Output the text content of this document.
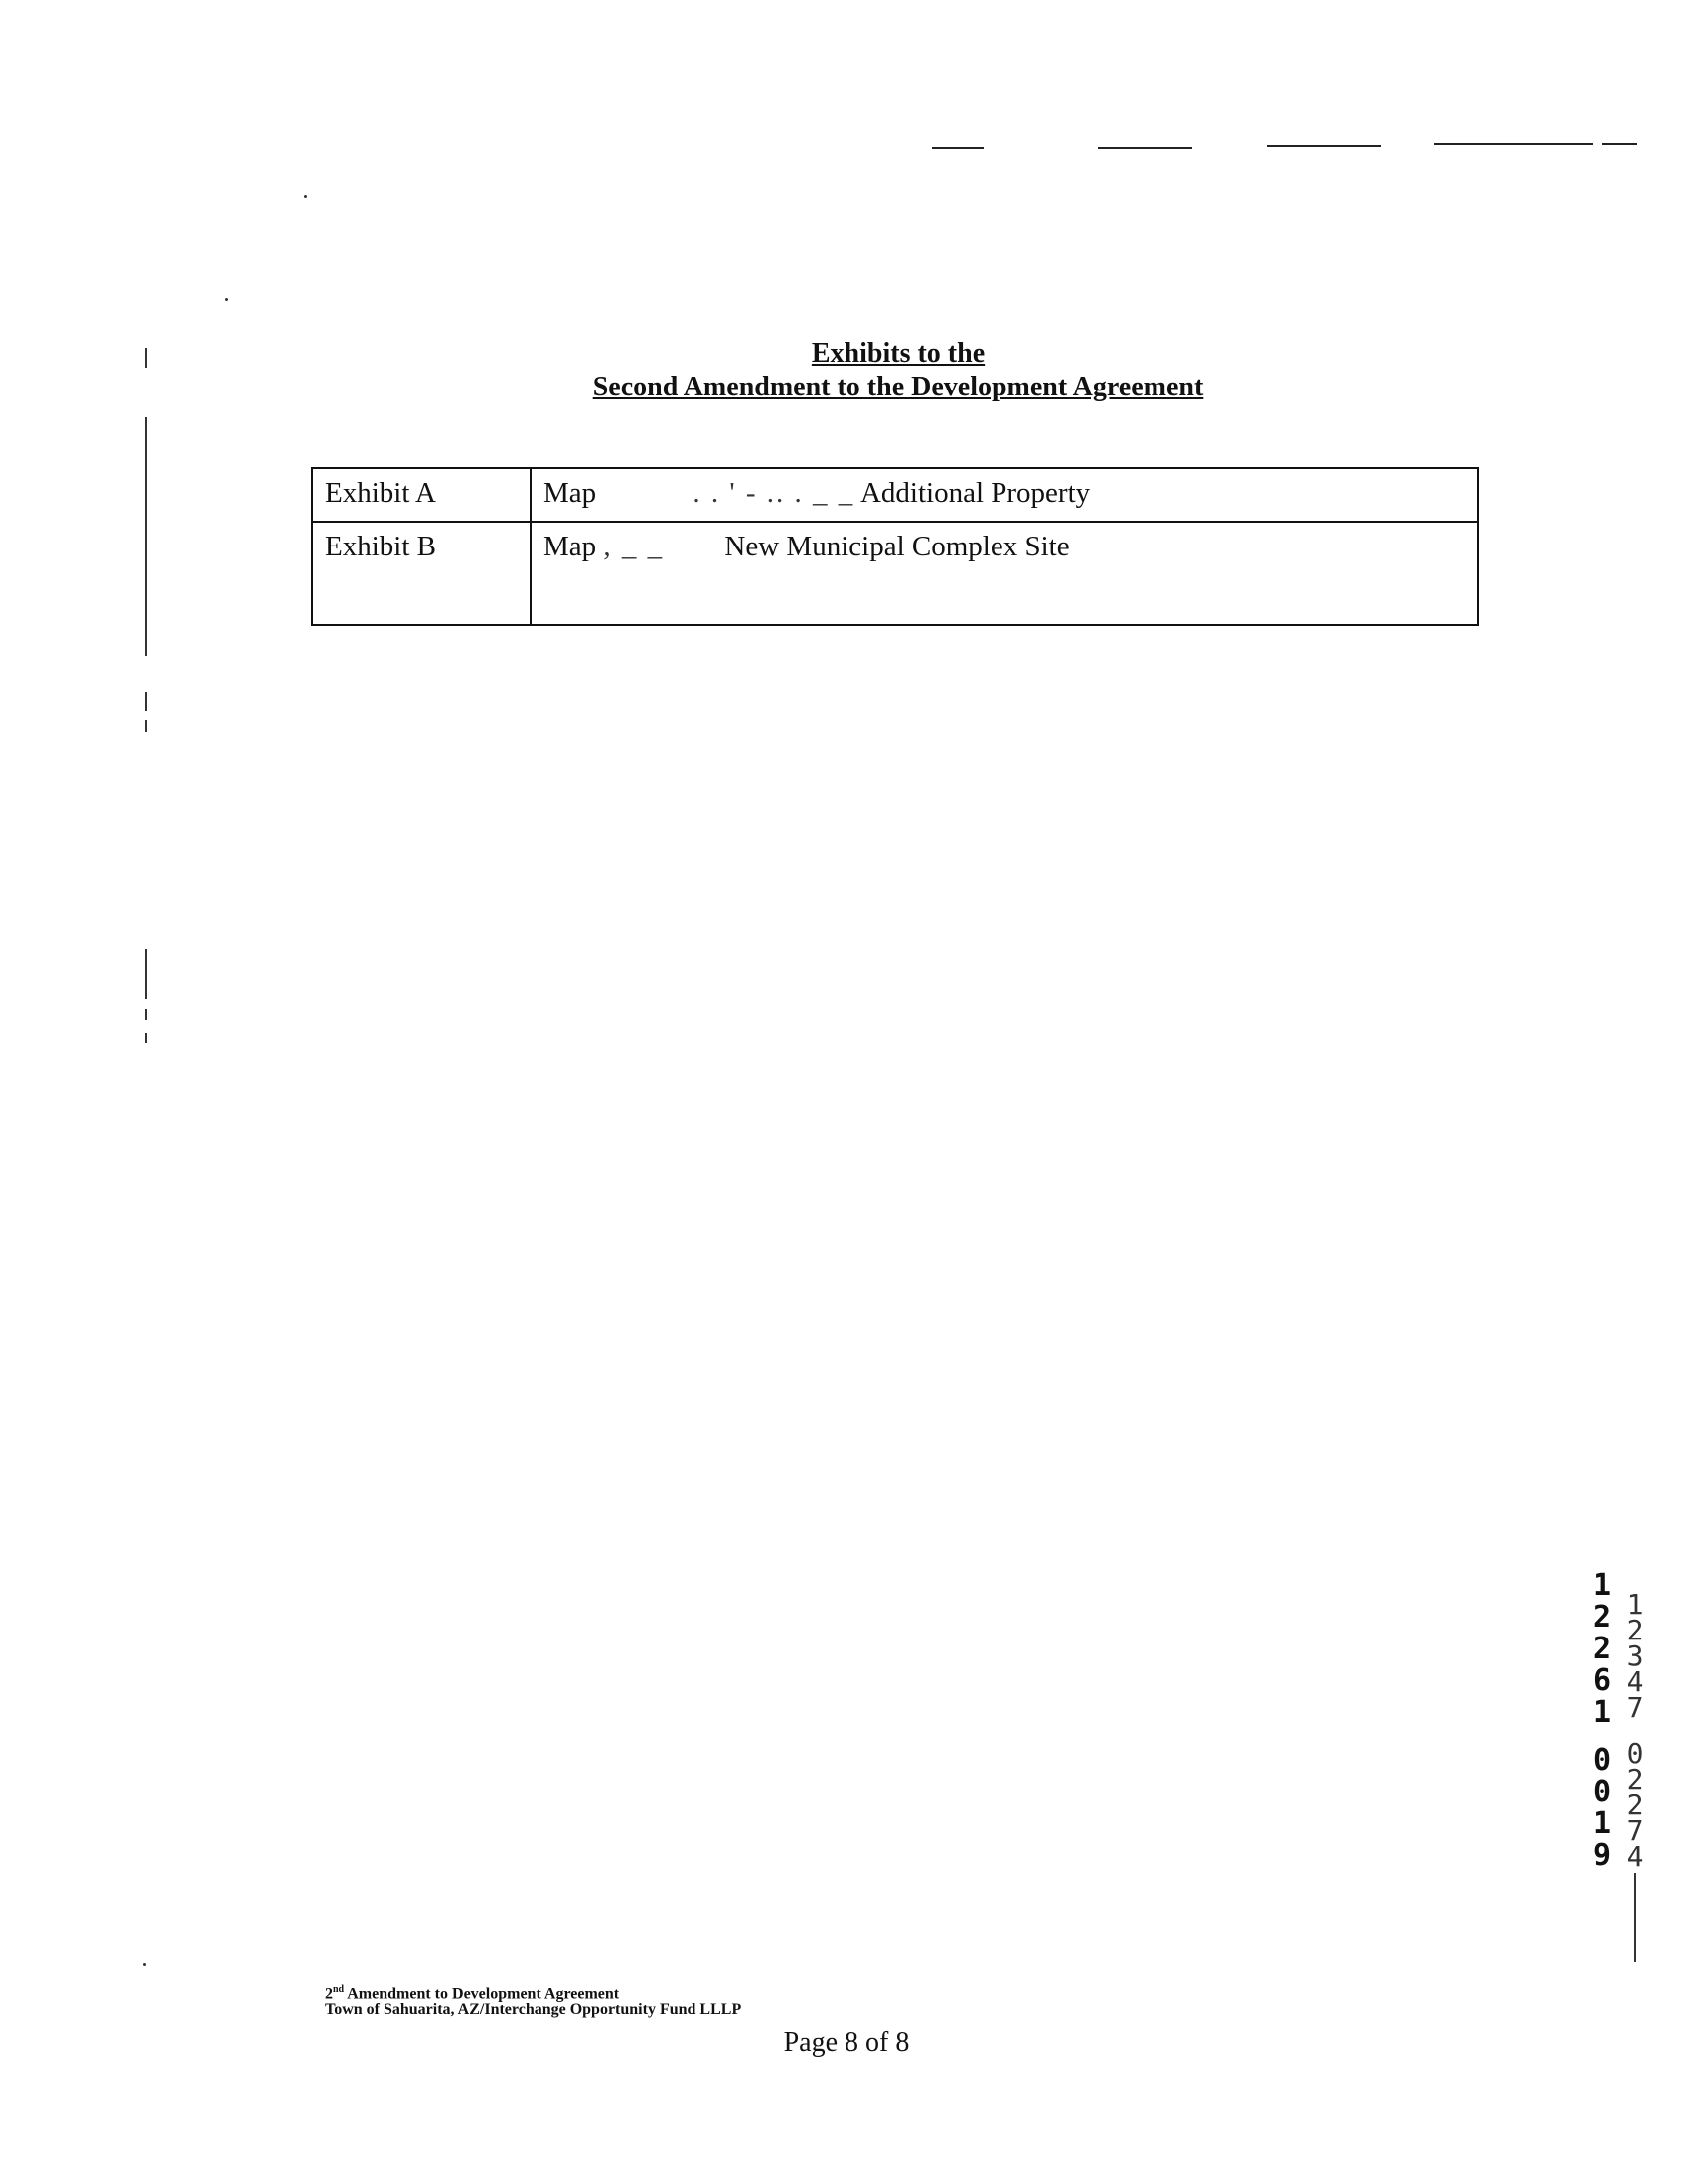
Exhibits to the
Second Amendment to the Development Agreement
Exhibit A	Map . . ' - .. . _ _ Additional Property
Exhibit B	Map , _ _ New Municipal Complex Site
2nd Amendment to Development Agreement
Town of Sahuarita, AZ/Interchange Opportunity Fund LLLP
Page 8 of 8
1
2
2
6
1
0
0
1
9
1
2
3
4
7
0
2
2
7
4
